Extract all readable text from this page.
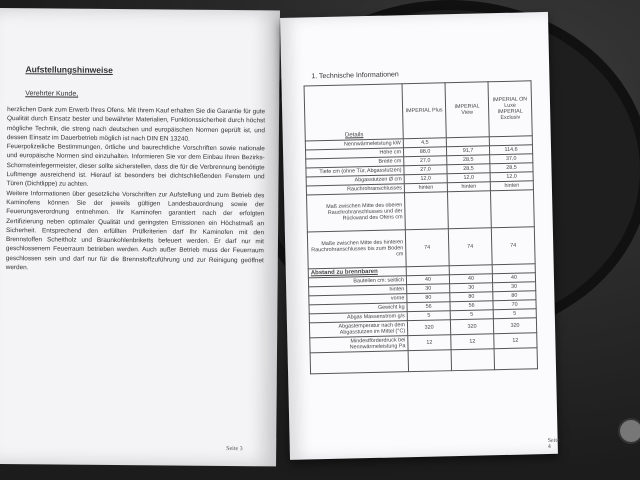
Aufstellungshinweise
Verehrter Kunde,

herzlichen Dank zum Erwerb Ihres Ofens. Mit Ihrem Kauf erhalten Sie die Garantie für gute Qualität durch Einsatz bester und bewährter Materialien, Funktionssicherheit durch höchst mögliche Technik, die streng nach deutschen und europäischen Normen geprüft ist, und dessen Einsatz im Dauerbetrieb möglich ist nach DIN EN 13240.

Feuerpolizeiliche Bestimmungen, örtliche und baurechtliche Vorschriften sowie nationale und europäische Normen sind einzuhalten. Informieren Sie vor dem Einbau Ihren Bezirks-Schornsteinfegermeister, dieser sollte sicherstellen, dass die für die Verbrennung benötigte Luftmenge ausreichend ist. Hierauf ist besonders bei dichtschließenden Fenstern und Türen (Dichtlippe) zu achten.

Weitere Informationen über gesetzliche Vorschriften zur Aufstellung und zum Betrieb des Kaminofens können Sie der jeweils gültigen Landesbauordnung sowie der Feuerungsverordnung entnehmen. Ihr Kaminofen garantiert nach der erfolgten Zertifizierung neben optimaler Qualität und geringsten Emissionen ein Höchstmaß an Sicherheit. Entsprechend den erfüllten Prüfkriterien darf Ihr Kaminofen mit den Brennstoffen Scheitholz und Braunkohlenbriketts befeuert werden. Er darf nur mit geschlossenem Feuerraum betrieben werden. Auch außer Betrieb muss der Feuerraum geschlossen sein und darf nur für die Brennstoffzuführung und zur Reinigung geöffnet werden.

Seite 3
1. Technische Informationen
Details	IMPERIAL Plus	IMPERIAL View	IMPERIAL ON Luxe IMPERIAL Exclusiv
Nennwärmeleistung kW	4,5		
Höhe cm	88,0	91,7	114,6
Breite cm	27,0	28,5	37,0
Tiefe cm (ohne Tür, Abgasstutzen)	27,0	28,5	28,5
Abgasstutzen Ø cm	12,0	12,0	12,0
Rauchrohranschlusses	hinten	hinten	hinten
Maß zwischen Mitte des oberen Rauchrohranschlusses und der Rückwand des Ofens cm			
Maße zwischen Mitte des hinteren Rauchrohranschlusses bis zum Boden cm	74	74	74
Abstand zu brennbaren			
Bauteilen cm: seitlich	40	40	40
hinten	30	30	30
vorne	80	80	80
Gewicht kg	56	56	70
Abgas Massenstrom g/s	5	5	5
Abgastemperatur nach dem Abgasstutzen im Mittel (°C)	320	320	320
Mindestförderdruck bei Nennwärmeleistung Pa	12	12	12

Seite 4
